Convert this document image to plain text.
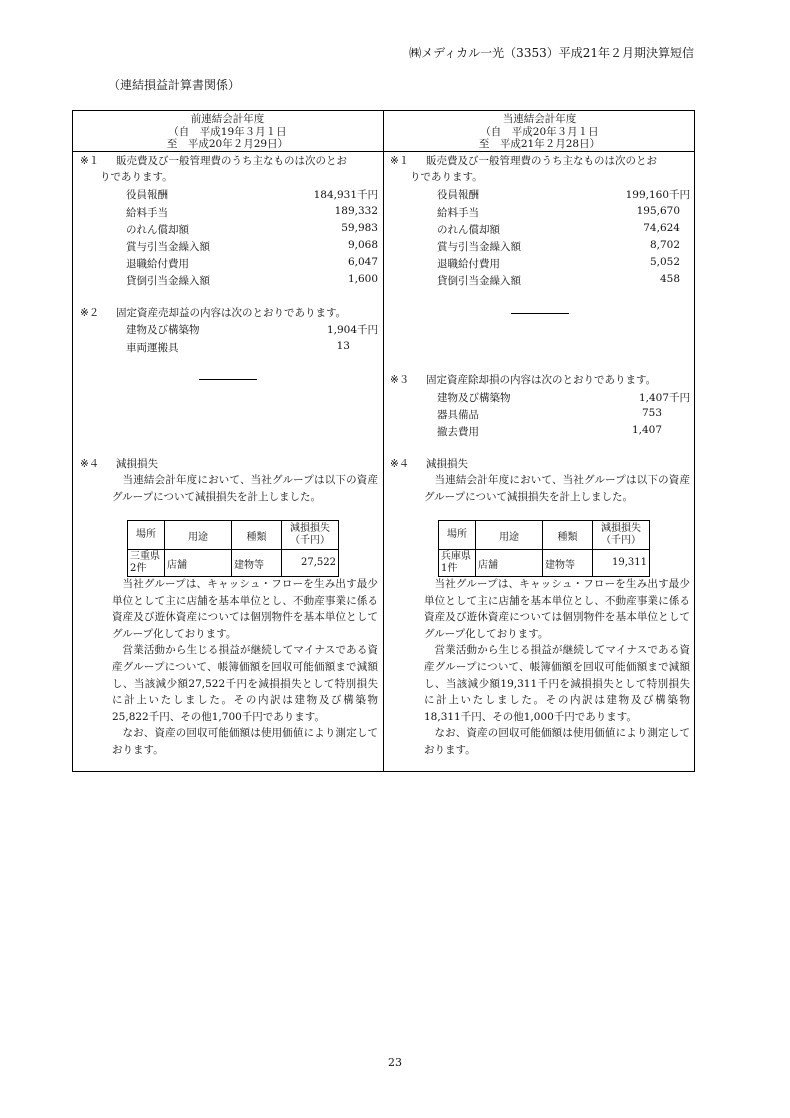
㈱メディカル一光（3353）平成21年２月期決算短信
（連結損益計算書関係）
前連結会計年度
（自　平成19年３月１日
至　平成20年２月29日）
当連結会計年度
（自　平成20年３月１日
至　平成21年２月28日）
※１ 販売費及び一般管理費のうち主なものは次のとお
りであります。
役員報酬	184,931千円
給料手当	189,332
のれん償却額	59,983
賞与引当金繰入額	9,068
退職給付費用	6,047
貸倒引当金繰入額	1,600
※２ 固定資産売却益の内容は次のとおりであります。
建物及び構築物	1,904千円
車両運搬具	13
※４ 減損損失

当連結会計年度において、当社グループは以下の資産グループについて減損損失を計上しました。

場所	用途	種類	減損損失（千円）
三重県2件	店舗	建物等	27,522

当社グループは、キャッシュ・フローを生み出す最少単位として主に店舗を基本単位とし、不動産事業に係る資産及び遊休資産については個別物件を基本単位としてグループ化しております。

営業活動から生じる損益が継続してマイナスである資産グループについて、帳簿価額を回収可能価額まで減額し、当該減少額27,522千円を減損損失として特別損失に計上いたしました。その内訳は建物及び構築物25,822千円、その他1,700千円であります。

なお、資産の回収可能価額は使用価値により測定しております。

※１ 販売費及び一般管理費のうち主なものは次のとお
りであります。
役員報酬	199,160千円
給料手当	195,670
のれん償却額	74,624
賞与引当金繰入額	8,702
退職給付費用	5,052
貸倒引当金繰入額	458
※３ 固定資産除却損の内容は次のとおりであります。
建物及び構築物	1,407千円
器具備品	753
撤去費用	1,407
※４ 減損損失

当連結会計年度において、当社グループは以下の資産グループについて減損損失を計上しました。

場所	用途	種類	減損損失（千円）
兵庫県1件	店舗	建物等	19,311

当社グループは、キャッシュ・フローを生み出す最少単位として主に店舗を基本単位とし、不動産事業に係る資産及び遊休資産については個別物件を基本単位としてグループ化しております。

営業活動から生じる損益が継続してマイナスである資産グループについて、帳簿価額を回収可能価額まで減額し、当該減少額19,311千円を減損損失として特別損失に計上いたしました。その内訳は建物及び構築物18,311千円、その他1,000千円であります。

なお、資産の回収可能価額は使用価値により測定しております。

23
